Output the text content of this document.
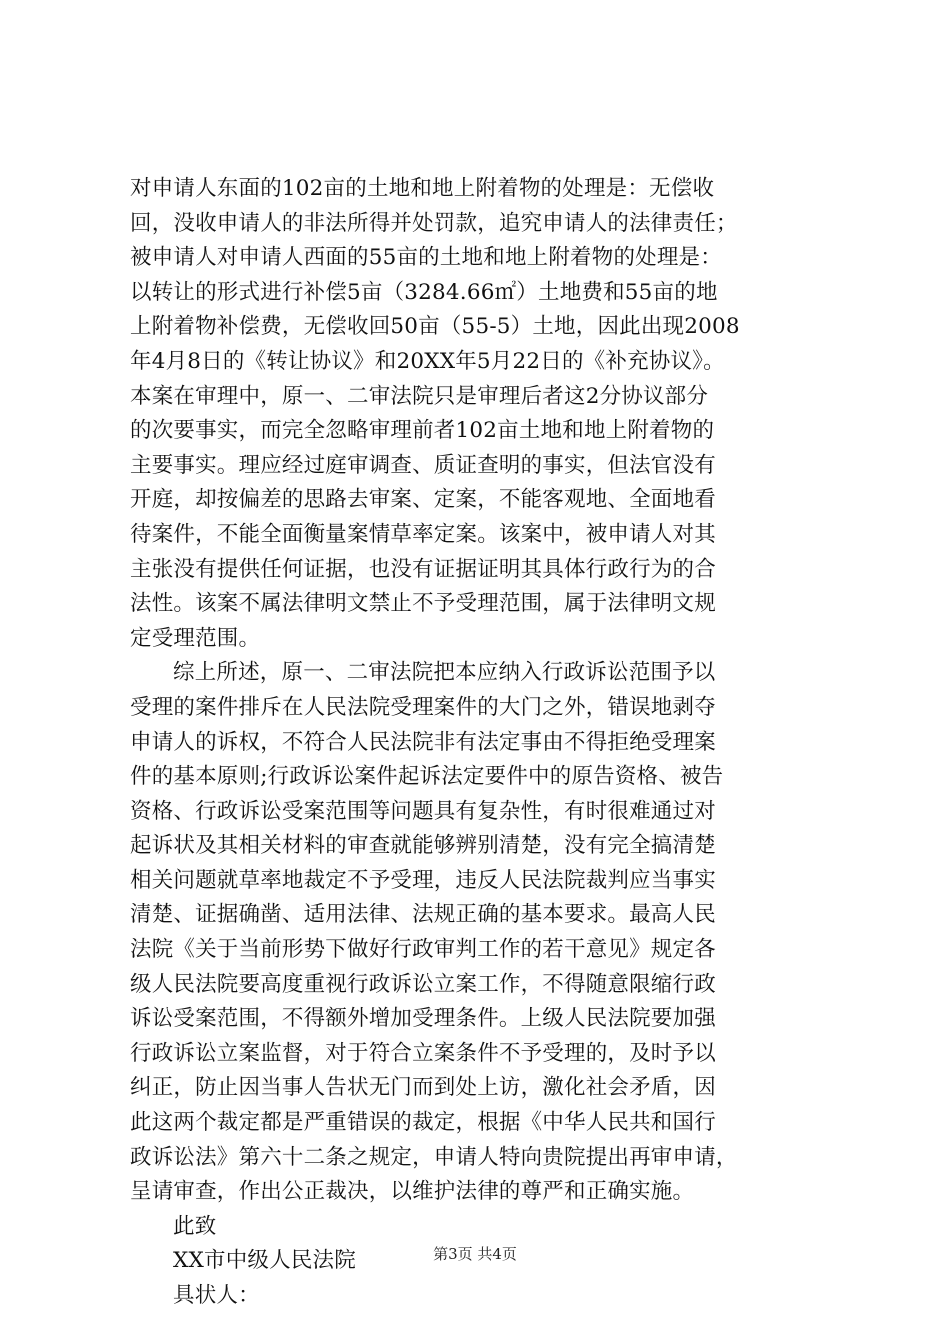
对申请人东面的102亩的土地和地上附着物的处理是：无偿收
回，没收申请人的非法所得并处罚款，追究申请人的法律责任；
被申请人对申请人西面的55亩的土地和地上附着物的处理是：
以转让的形式进行补偿5亩（3284.66㎡）土地费和55亩的地
上附着物补偿费，无偿收回50亩（55-5）土地，因此出现2008
年4月8日的《转让协议》和20XX年5月22日的《补充协议》。
本案在审理中，原一、二审法院只是审理后者这2分协议部分
的次要事实，而完全忽略审理前者102亩土地和地上附着物的
主要事实。理应经过庭审调查、质证查明的事实，但法官没有
开庭，却按偏差的思路去审案、定案，不能客观地、全面地看
待案件，不能全面衡量案情草率定案。该案中，被申请人对其
主张没有提供任何证据，也没有证据证明其具体行政行为的合
法性。该案不属法律明文禁止不予受理范围，属于法律明文规
定受理范围。
综上所述，原一、二审法院把本应纳入行政诉讼范围予以
受理的案件排斥在人民法院受理案件的大门之外，错误地剥夺
申请人的诉权，不符合人民法院非有法定事由不得拒绝受理案
件的基本原则;行政诉讼案件起诉法定要件中的原告资格、被告
资格、行政诉讼受案范围等问题具有复杂性，有时很难通过对
起诉状及其相关材料的审查就能够辨别清楚，没有完全搞清楚
相关问题就草率地裁定不予受理，违反人民法院裁判应当事实
清楚、证据确凿、适用法律、法规正确的基本要求。最高人民
法院《关于当前形势下做好行政审判工作的若干意见》规定各
级人民法院要高度重视行政诉讼立案工作，不得随意限缩行政
诉讼受案范围，不得额外增加受理条件。上级人民法院要加强
行政诉讼立案监督，对于符合立案条件不予受理的，及时予以
纠正，防止因当事人告状无门而到处上访，激化社会矛盾，因
此这两个裁定都是严重错误的裁定，根据《中华人民共和国行
政诉讼法》第六十二条之规定，申请人特向贵院提出再审申请，
呈请审查，作出公正裁决，以维护法律的尊严和正确实施。
此致
XX市中级人民法院
具状人：
第3页 共4页
